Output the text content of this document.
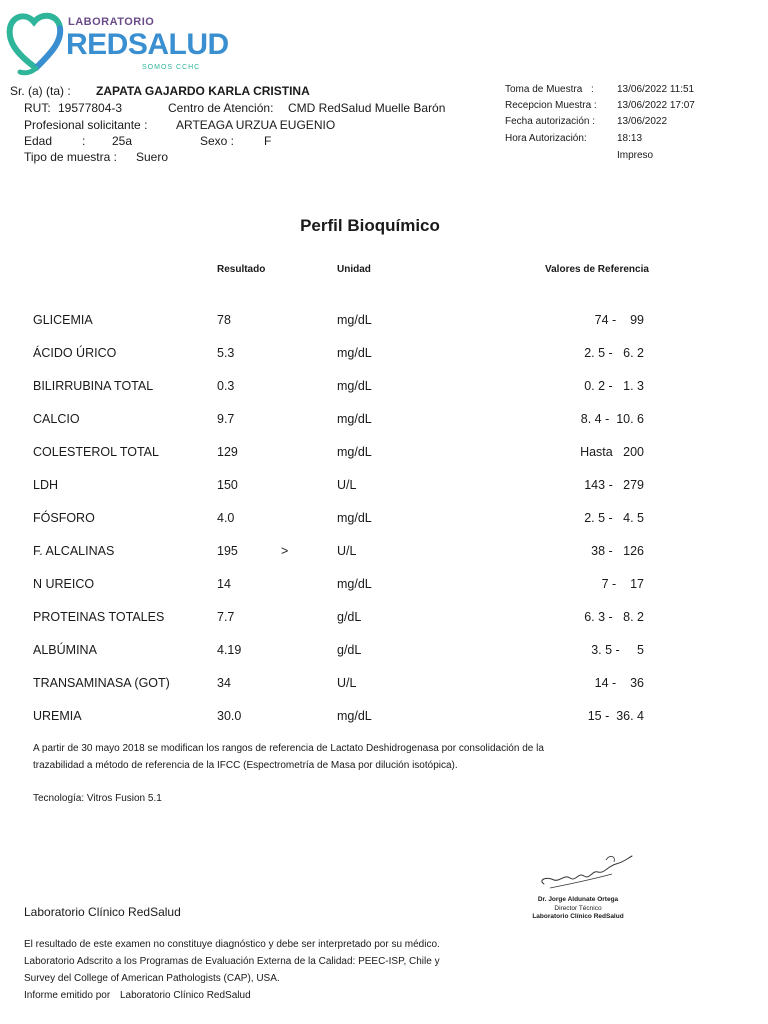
LABORATORIO
REDSALUD
SOMOS CCHC
Sr. (a) (ta) : ZAPATA GAJARDO KARLA CRISTINA
RUT: 19577804-3	Centro de Atención: CMD RedSalud Muelle Barón
Profesional solicitante : ARTEAGA URZUA EUGENIO
Edad : 25a	Sexo : F
Tipo de muestra : Suero
Toma de Muestra : 13/06/2022 11:51
Recepcion Muestra : 13/06/2022 17:07
Fecha autorización : 13/06/2022
Hora Autorización:	18:13
Impreso
Perfil Bioquímico
Resultado	Unidad	Valores de Referencia
GLICEMIA	78	mg/dL	74 -    99
ÁCIDO ÚRICO	5.3	mg/dL	2. 5 -   6. 2
BILIRRUBINA TOTAL	0.3	mg/dL	0. 2 -   1. 3
CALCIO	9.7	mg/dL	8. 4 -  10. 6
COLESTEROL TOTAL	129	mg/dL	Hasta   200
LDH	150	U/L	143 -   279
FÓSFORO	4.0	mg/dL	2. 5 -   4. 5
F. ALCALINAS	195	>	U/L	38 -   126
N UREICO	14	mg/dL	7 -    17
PROTEINAS TOTALES	7.7	g/dL	6. 3 -   8. 2
ALBÚMINA	4.19	g/dL	3. 5 -     5
TRANSAMINASA (GOT)	34	U/L	14 -    36
UREMIA	30.0	mg/dL	15 -  36. 4
A partir de 30 mayo 2018 se modifican los rangos de referencia de Lactato Deshidrogenasa por consolidación de la
trazabilidad a método de referencia de la IFCC (Espectrometría de Masa por dilución isotópica).
Tecnología: Vitros Fusion 5.1
Dr. Jorge Aldunate Ortega
Director Técnico
Laboratorio Clínico RedSalud
Laboratorio Clínico RedSalud
El resultado de este examen no constituye diagnóstico y debe ser interpretado por su médico.
Laboratorio Adscrito a los Programas de Evaluación Externa de la Calidad: PEEC-ISP, Chile y
Survey del College of American Pathologists (CAP), USA.
Informe emitido por Laboratorio Clínico RedSalud
